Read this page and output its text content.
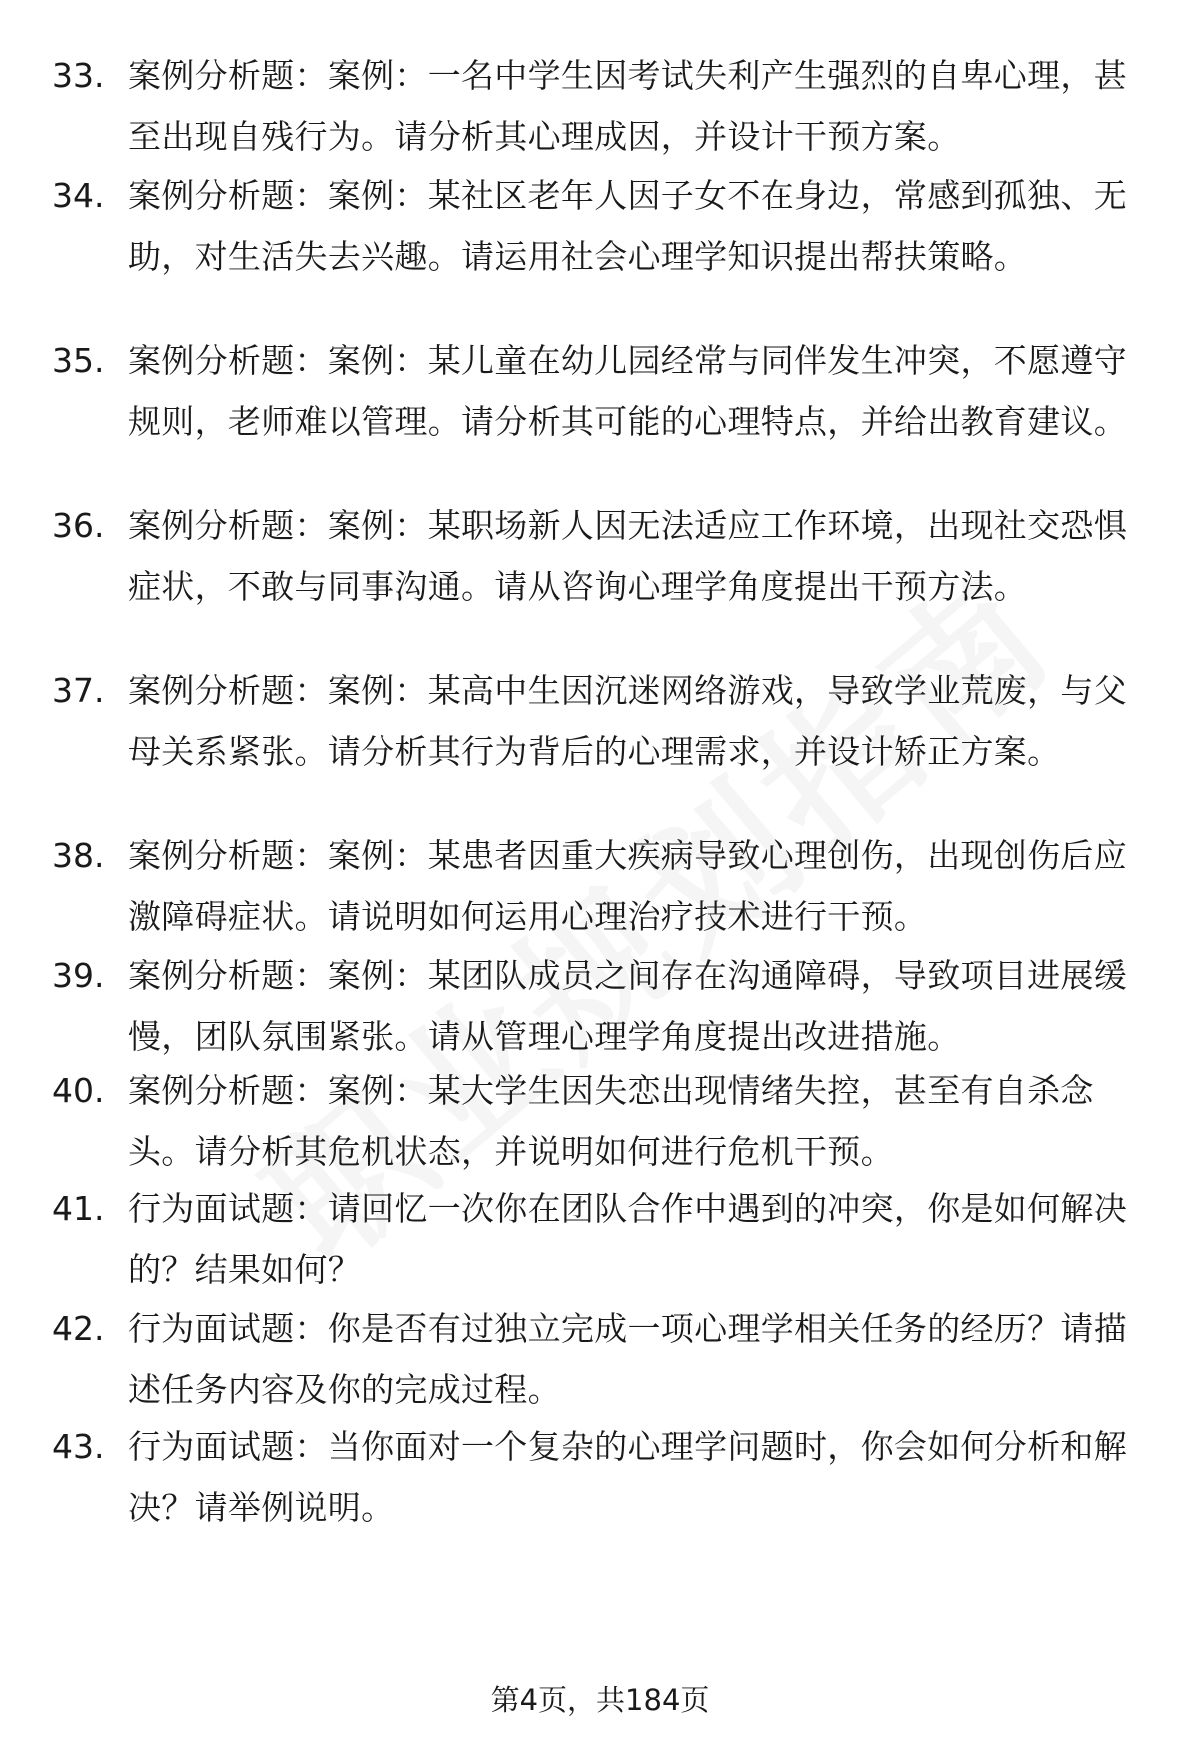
33. 案例分析题：案例：一名中学生因考试失利产生强烈的自卑心理，甚至出现自残行为。请分析其心理成因，并设计干预方案。
34. 案例分析题：案例：某社区老年人因子女不在身边，常感到孤独、无助，对生活失去兴趣。请运用社会心理学知识提出帮扶策略。
35. 案例分析题：案例：某儿童在幼儿园经常与同伴发生冲突，不愿遵守规则，老师难以管理。请分析其可能的心理特点，并给出教育建议。
36. 案例分析题：案例：某职场新人因无法适应工作环境，出现社交恐惧症状，不敢与同事沟通。请从咨询心理学角度提出干预方法。
37. 案例分析题：案例：某高中生因沉迷网络游戏，导致学业荒废，与父母关系紧张。请分析其行为背后的心理需求，并设计矫正方案。
38. 案例分析题：案例：某患者因重大疾病导致心理创伤，出现创伤后应激障碍症状。请说明如何运用心理治疗技术进行干预。
39. 案例分析题：案例：某团队成员之间存在沟通障碍，导致项目进展缓慢，团队氛围紧张。请从管理心理学角度提出改进措施。
40. 案例分析题：案例：某大学生因失恋出现情绪失控，甚至有自杀念头。请分析其危机状态，并说明如何进行危机干预。
41. 行为面试题：请回忆一次你在团队合作中遇到的冲突，你是如何解决的？结果如何？
42. 行为面试题：你是否有过独立完成一项心理学相关任务的经历？请描述任务内容及你的完成过程。
43. 行为面试题：当你面对一个复杂的心理学问题时，你会如何分析和解决？请举例说明。
第4页，共184页
